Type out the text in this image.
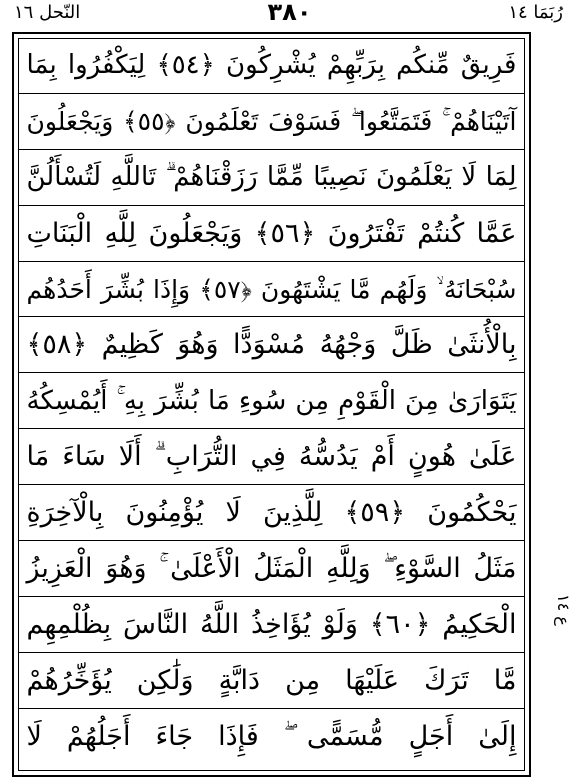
النّحل ١٦	٣٨٠	رُبَمَا ١٤
فَرِيقٌ مِّنكُم بِرَبِّهِمْ يُشْرِكُونَ ﴿٥٤﴾ لِيَكْفُرُوا بِمَا
آتَيْنَاهُمْ ۚ فَتَمَتَّعُوا ۖ فَسَوْفَ تَعْلَمُونَ ﴿٥٥﴾ وَيَجْعَلُونَ
لِمَا لَا يَعْلَمُونَ نَصِيبًا مِّمَّا رَزَقْنَاهُمْ ۗ تَاللَّهِ لَتُسْأَلُنَّ
عَمَّا كُنتُمْ تَفْتَرُونَ ﴿٥٦﴾ وَيَجْعَلُونَ لِلَّهِ الْبَنَاتِ
سُبْحَانَهُ ۙ وَلَهُم مَّا يَشْتَهُونَ ﴿٥٧﴾ وَإِذَا بُشِّرَ أَحَدُهُم
بِالْأُنثَىٰ ظَلَّ وَجْهُهُ مُسْوَدًّا وَهُوَ كَظِيمٌ ﴿٥٨﴾
يَتَوَارَىٰ مِنَ الْقَوْمِ مِن سُوءِ مَا بُشِّرَ بِهِ ۚ أَيُمْسِكُهُ
عَلَىٰ هُونٍ أَمْ يَدُسُّهُ فِي التُّرَابِ ۗ أَلَا سَاءَ مَا
يَحْكُمُونَ ﴿٥٩﴾ لِلَّذِينَ لَا يُؤْمِنُونَ بِالْآخِرَةِ
مَثَلُ السَّوْءِ ۖ وَلِلَّهِ الْمَثَلُ الْأَعْلَىٰ ۚ وَهُوَ الْعَزِيزُ
الْحَكِيمُ ﴿٦٠﴾ وَلَوْ يُؤَاخِذُ اللَّهُ النَّاسَ بِظُلْمِهِم
مَّا تَرَكَ عَلَيْهَا مِن دَابَّةٍ وَلَٰكِن يُؤَخِّرُهُمْ
إِلَىٰ أَجَلٍ مُّسَمًّى ۖ فَإِذَا جَاءَ أَجَلُهُمْ لَا
ع ١٤
